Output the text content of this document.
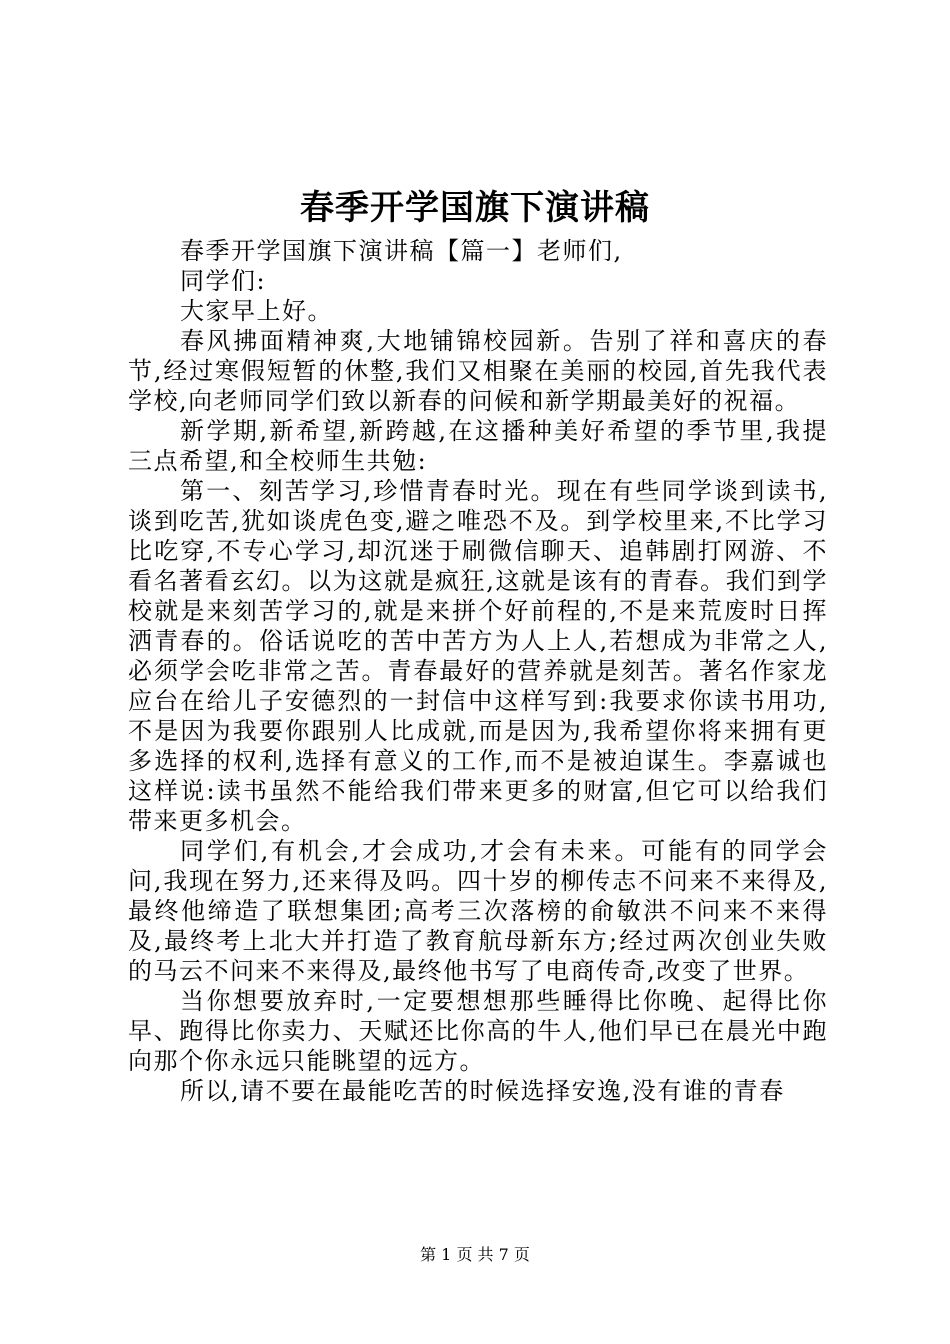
春季开学国旗下演讲稿

春季开学国旗下演讲稿【篇一】老师们,

同学们:

大家早上好。

春风拂面精神爽,大地铺锦校园新。告别了祥和喜庆的春节,经过寒假短暂的休整,我们又相聚在美丽的校园,首先我代表学校,向老师同学们致以新春的问候和新学期最美好的祝福。

新学期,新希望,新跨越,在这播种美好希望的季节里,我提三点希望,和全校师生共勉:

第一、刻苦学习,珍惜青春时光。现在有些同学谈到读书,谈到吃苦,犹如谈虎色变,避之唯恐不及。到学校里来,不比学习比吃穿,不专心学习,却沉迷于刷微信聊天、追韩剧打网游、不看名著看玄幻。以为这就是疯狂,这就是该有的青春。我们到学校就是来刻苦学习的,就是来拼个好前程的,不是来荒废时日挥洒青春的。俗话说吃的苦中苦方为人上人,若想成为非常之人,必须学会吃非常之苦。青春最好的营养就是刻苦。著名作家龙应台在给儿子安德烈的一封信中这样写到:我要求你读书用功,不是因为我要你跟别人比成就,而是因为,我希望你将来拥有更多选择的权利,选择有意义的工作,而不是被迫谋生。李嘉诚也这样说:读书虽然不能给我们带来更多的财富,但它可以给我们带来更多机会。

同学们,有机会,才会成功,才会有未来。可能有的同学会问,我现在努力,还来得及吗。四十岁的柳传志不问来不来得及,最终他缔造了联想集团;高考三次落榜的俞敏洪不问来不来得及,最终考上北大并打造了教育航母新东方;经过两次创业失败的马云不问来不来得及,最终他书写了电商传奇,改变了世界。

当你想要放弃时,一定要想想那些睡得比你晚、起得比你早、跑得比你卖力、天赋还比你高的牛人,他们早已在晨光中跑向那个你永远只能眺望的远方。

所以,请不要在最能吃苦的时候选择安逸,没有谁的青春

第 1 页 共 7 页
